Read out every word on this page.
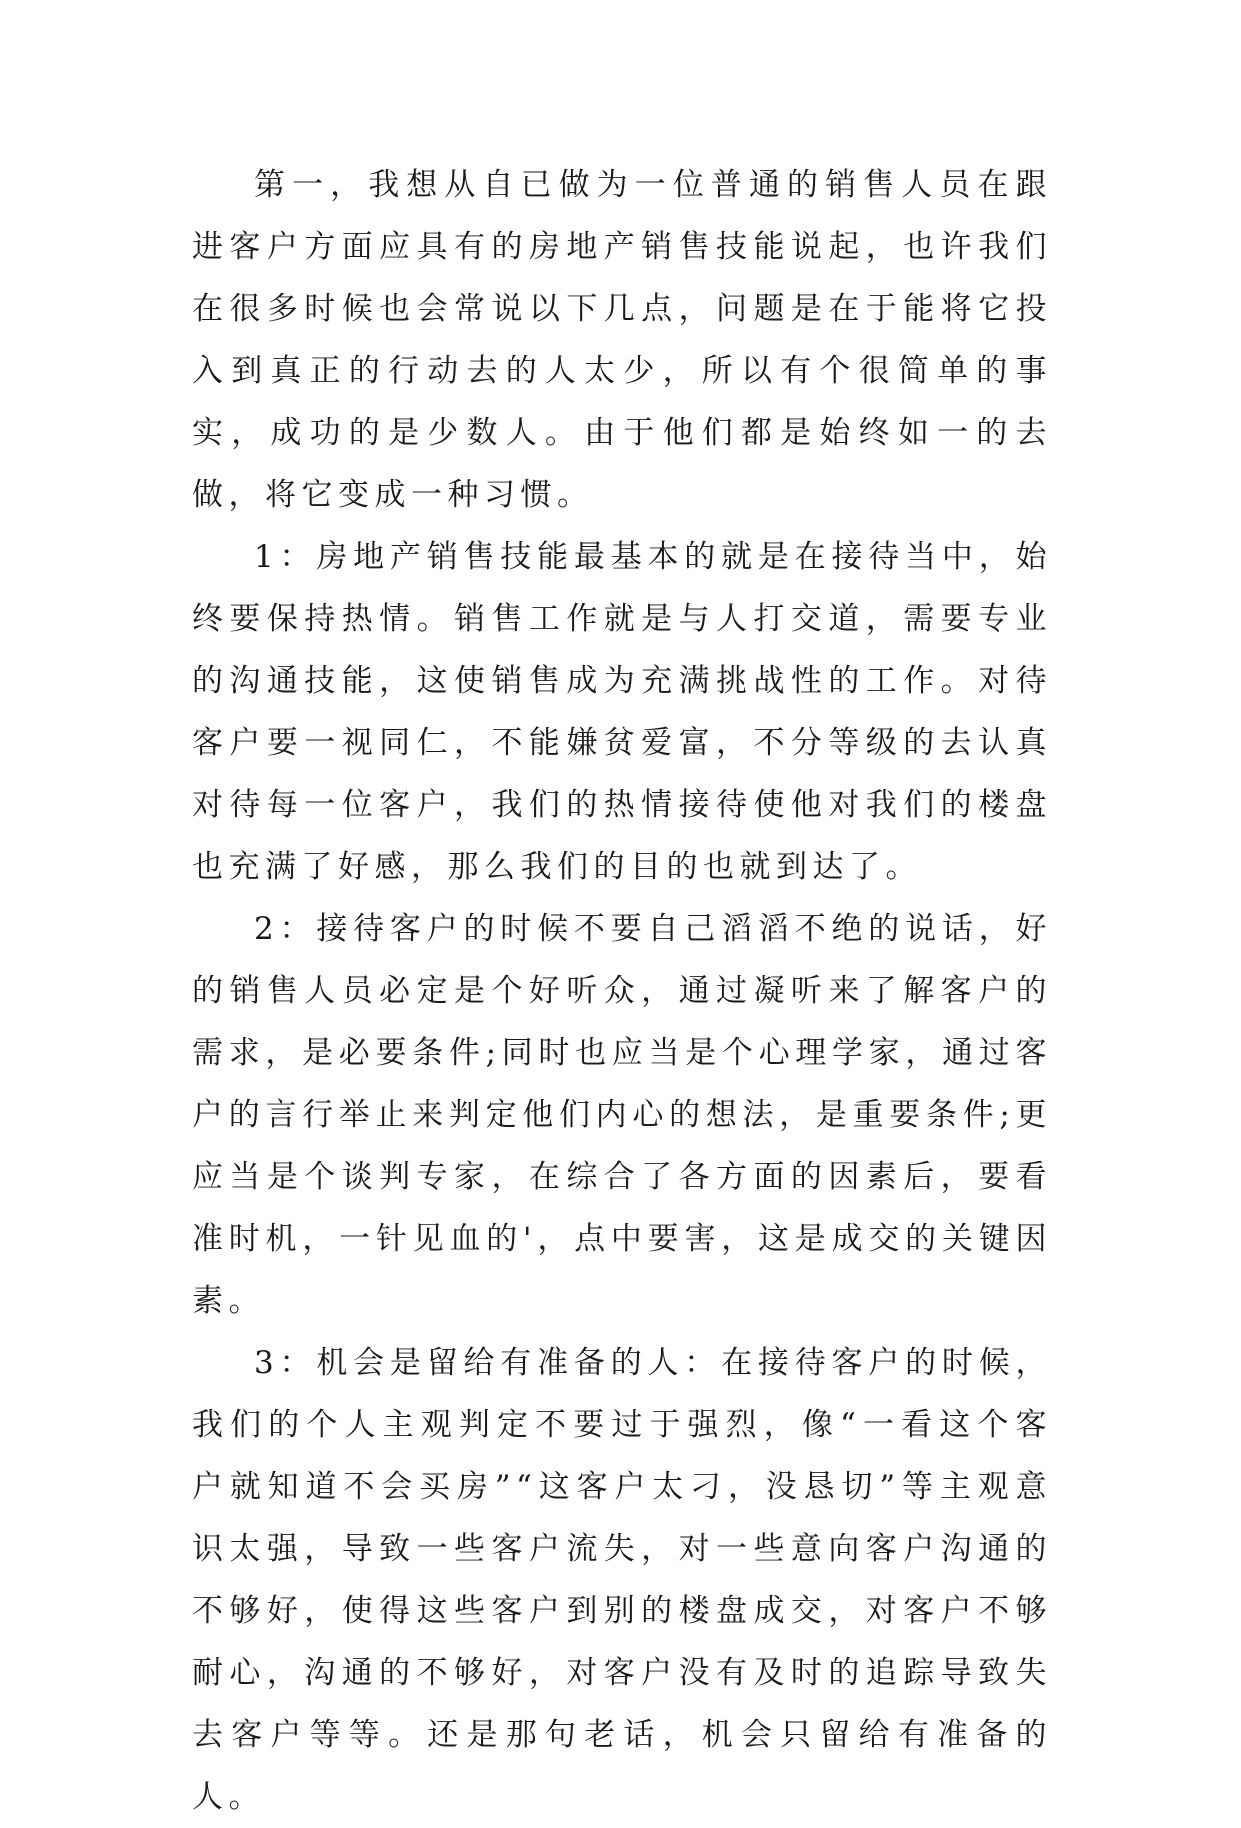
第一，我想从自已做为一位普通的销售人员在跟进客户方面应具有的房地产销售技能说起，也许我们在很多时候也会常说以下几点，问题是在于能将它投入到真正的行动去的人太少，所以有个很简单的事实，成功的是少数人。由于他们都是始终如一的去做，将它变成一种习惯。

1：房地产销售技能最基本的就是在接待当中，始终要保持热情。销售工作就是与人打交道，需要专业的沟通技能，这使销售成为充满挑战性的工作。对待客户要一视同仁，不能嫌贫爱富，不分等级的去认真对待每一位客户，我们的热情接待使他对我们的楼盘也充满了好感，那么我们的目的也就到达了。

2：接待客户的时候不要自己滔滔不绝的说话，好的销售人员必定是个好听众，通过凝听来了解客户的需求，是必要条件;同时也应当是个心理学家，通过客户的言行举止来判定他们内心的想法，是重要条件;更应当是个谈判专家，在综合了各方面的因素后，要看准时机，一针见血的'，点中要害，这是成交的关键因素。

3：机会是留给有准备的人：在接待客户的时候，我们的个人主观判定不要过于强烈，像“一看这个客户就知道不会买房”“这客户太刁，没恳切”等主观意识太强，导致一些客户流失，对一些意向客户沟通的不够好，使得这些客户到别的楼盘成交，对客户不够耐心，沟通的不够好，对客户没有及时的追踪导致失去客户等等。还是那句老话，机会只留给有准备的人。
